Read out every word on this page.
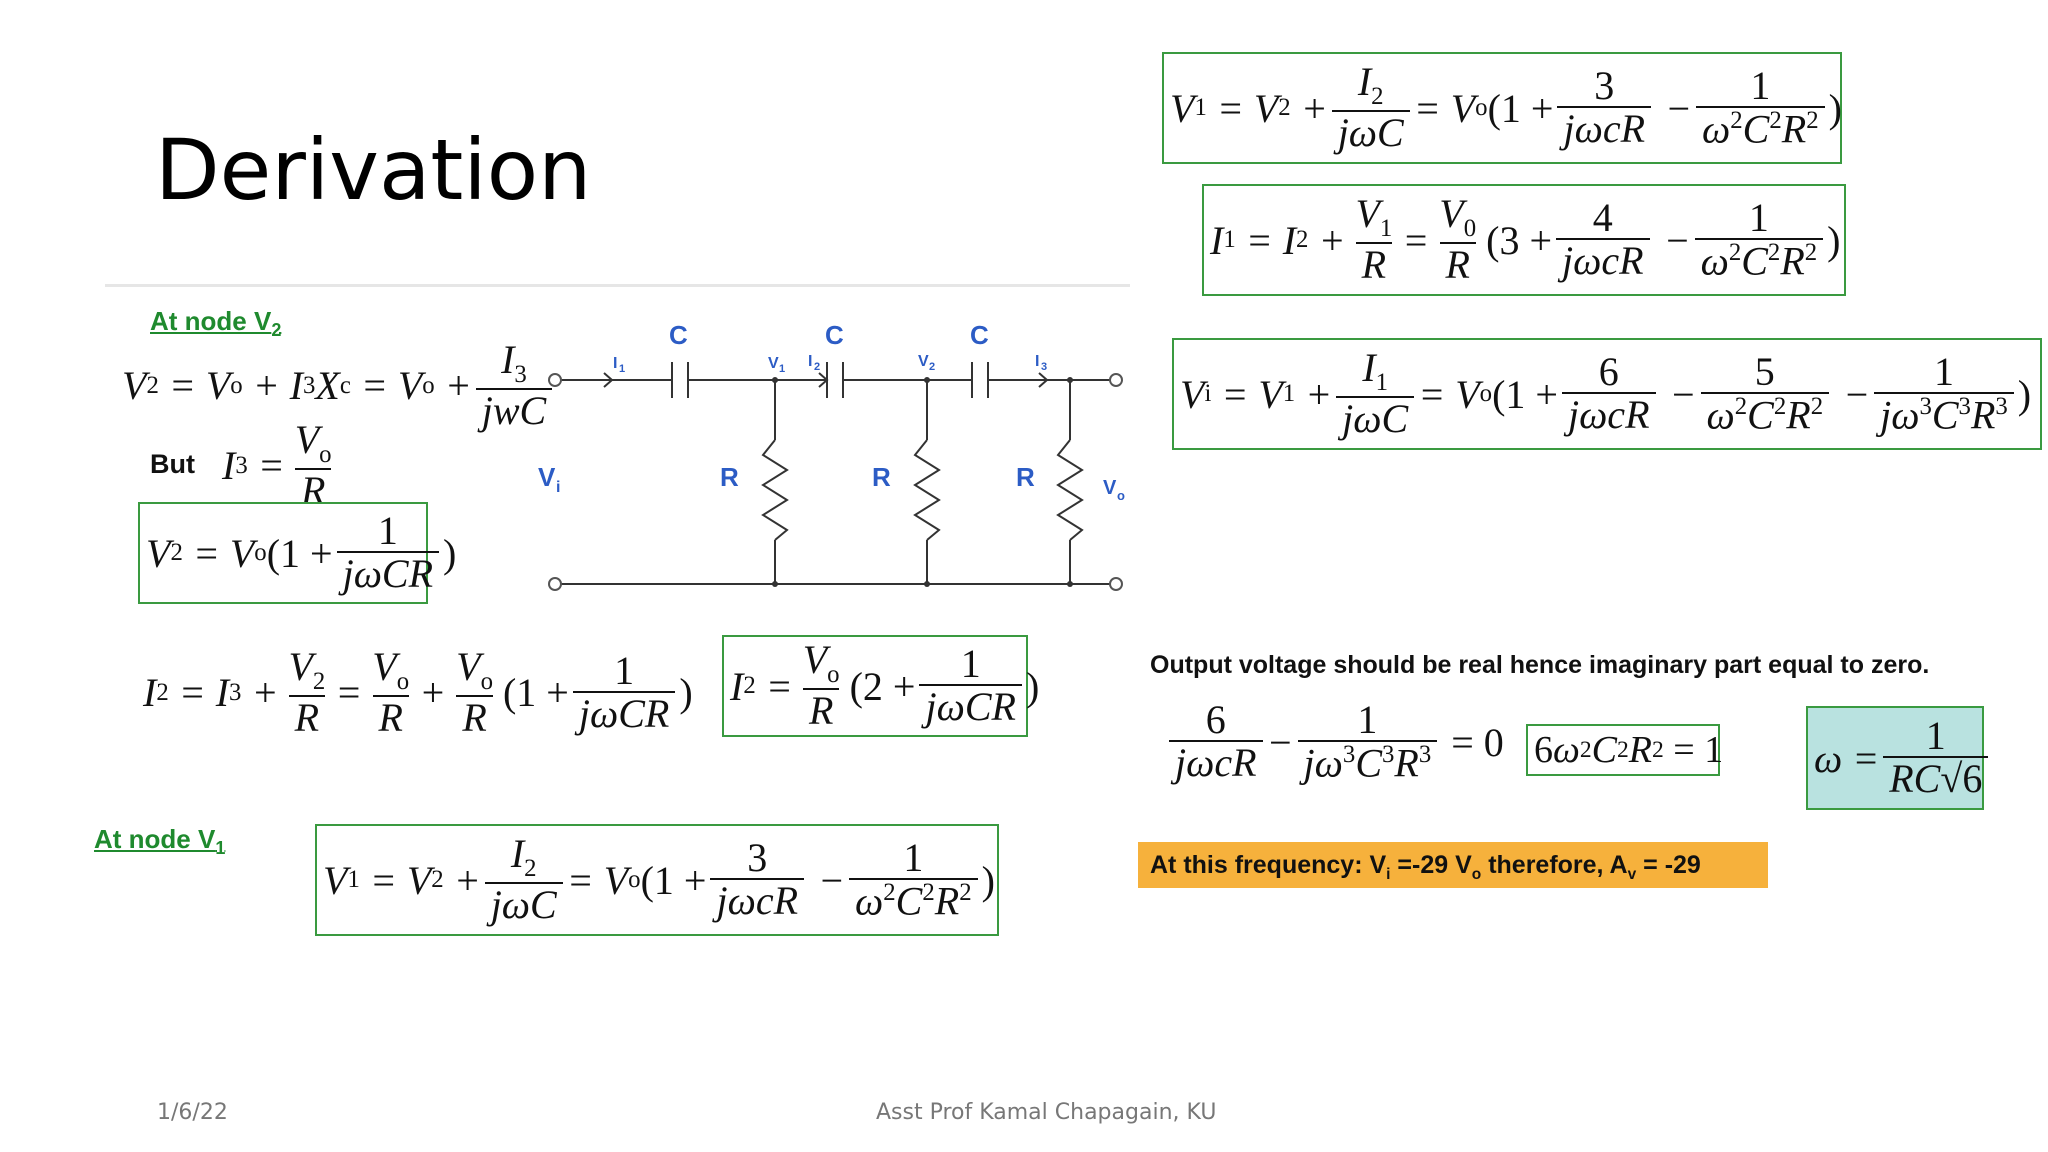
Derivation
At node $V_2$
V 2 = V o + I 3 X c = V $o + \frac{I_3}{\text{jwC}}$
But I $3 = \frac{V_o}{R}$
V 2 = V o ($1 + \frac{1}{\text{jωCR}}$ )
I 2 = I $3 + \frac{V_2}{R} = \frac{V_o}{R} + \frac{V_o}{R} (1 + \frac{1}{\text{jωCR}}$ ) I $2 = \frac{V_o}{R} (2 + \frac{1}{\text{jωCR}}$ )
At node $V_1$
V 1 = V $2 + \frac{I_2}{\text{jωC}} = V$ o ($1 + \frac{3}{\text{jωcR}} - \frac{1}{\omega^2C^2R^2}$ )
C	C	C
R	R	R
V i	V o
I 1	V 1 I 2	V 2	I 3
V 1 = V $2 + \frac{I_2}{\text{jωC}} = V$ o ($1 + \frac{3}{\text{jωcR}} - \frac{1}{\omega^2C^2R^2}$ )
I 1 = I $2 + \frac{V_1}{R} = \frac{V_0}{R} (3 + \frac{4}{\text{jωcR}} - \frac{1}{\omega^2C^2R^2}$ )
V i = V $1 + \frac{I_1}{\text{jωC}} = V$ o ($1 + \frac{6}{\text{jωcR}} - \frac{5}{\omega^2C^2R^2} - \frac{1}{j\omega^3C^3R^3}$ )
Output voltage should be real hence imaginary part equal to zero.
$\frac{6}{\text{jωcR}} - \frac{1}{j\omega^3C^3R^3} = 0$ 6 ω 2 C 2 R 2 = 1 $\omega = \frac{1}{RC√6}$
At this frequency: $V_i =-29$ $V_o$ therefore, $A_v = -29$
1/6/22	Asst Prof Kamal Chapagain, KU
